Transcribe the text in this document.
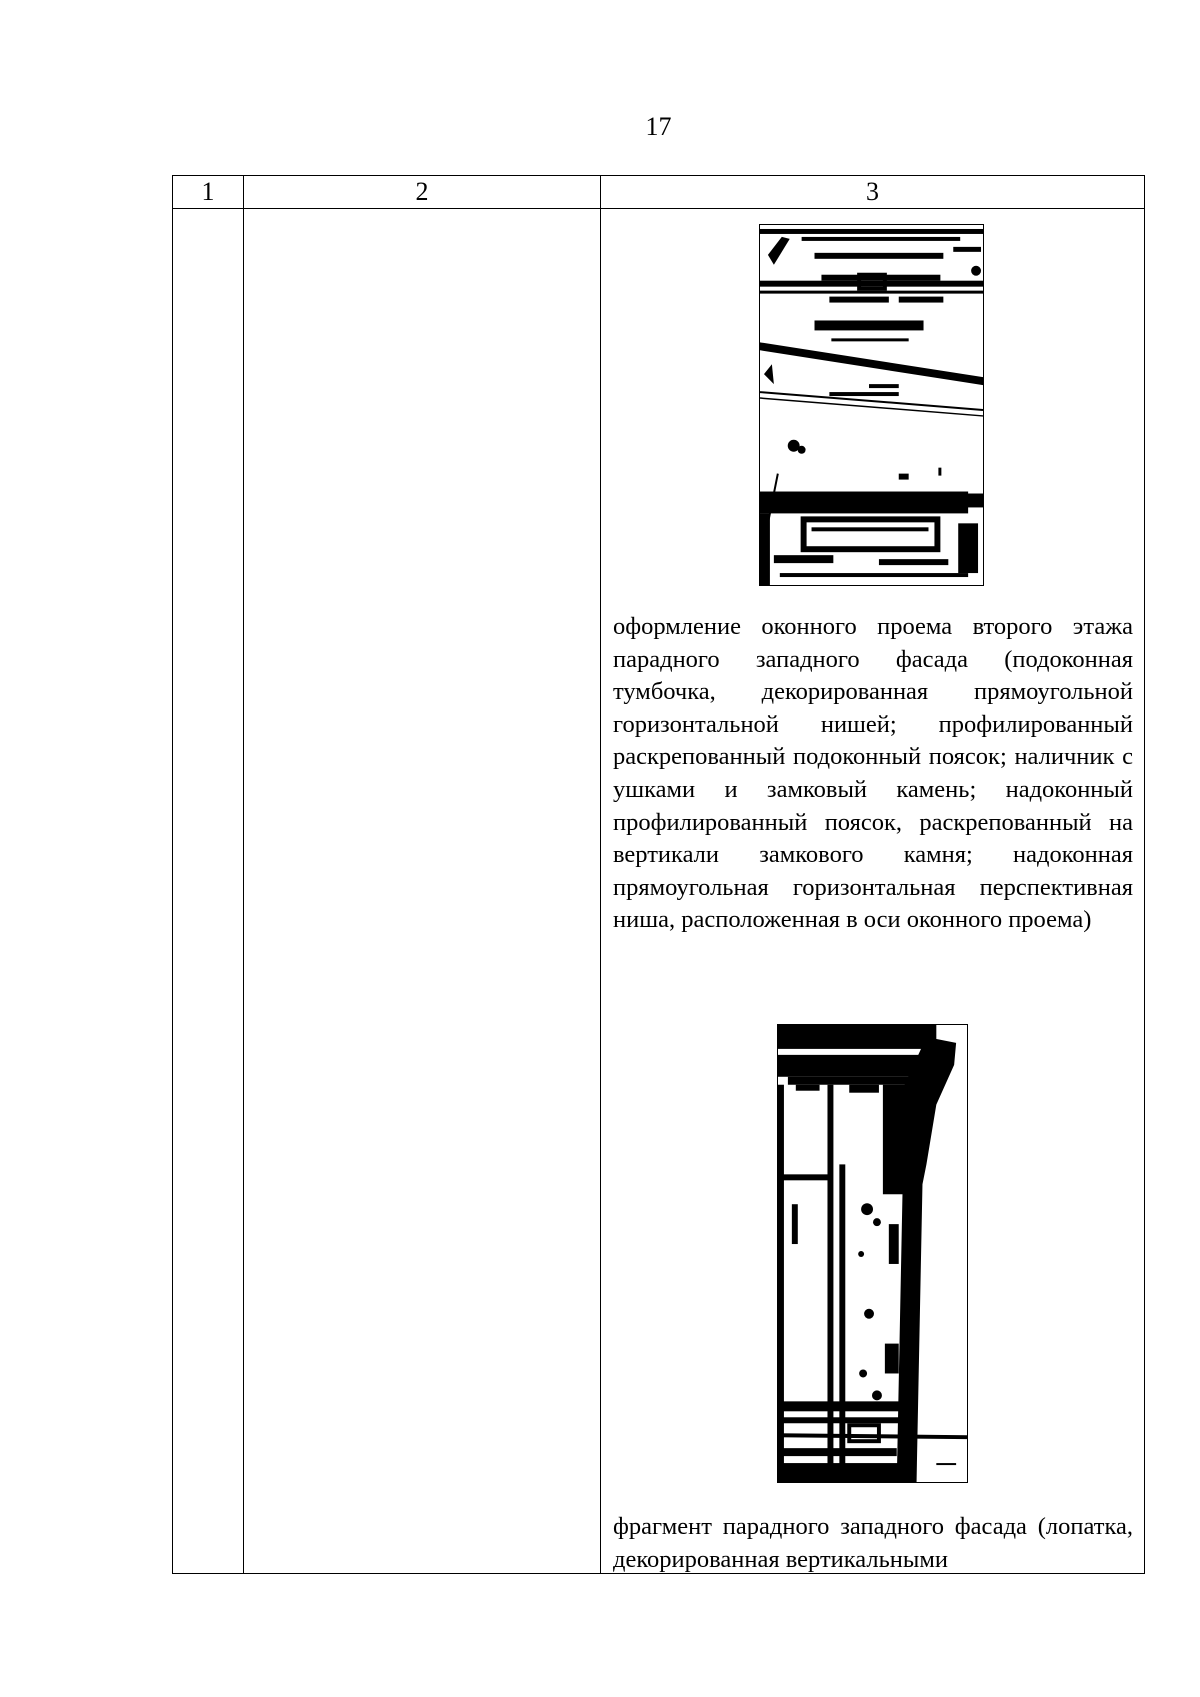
17
1	2	3

		оформление оконного проема второго этажа парадного западного фасада (подоконная тумбочка, декорированная прямоугольной горизонтальной нишей; профилированный раскрепованный подоконный поясок; наличник с ушками и замковый камень; надоконный профилированный поясок, раскрепованный на вертикали замкового камня; надоконная прямоугольная горизонтальная перспективная ниша, расположенная в оси оконного проема)

фрагмент парадного западного фасада (лопатка, декорированная вертикальными
